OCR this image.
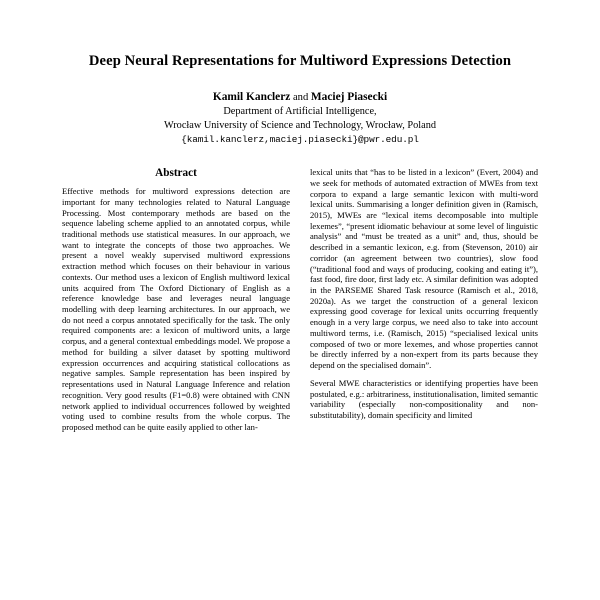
Deep Neural Representations for Multiword Expressions Detection
Kamil Kanclerz and Maciej Piasecki
Department of Artificial Intelligence,
Wrocław University of Science and Technology, Wrocław, Poland
{kamil.kanclerz,maciej.piasecki}@pwr.edu.pl
Abstract

Effective methods for multiword expressions detection are important for many technologies related to Natural Language Processing. Most contemporary methods are based on the sequence labeling scheme applied to an annotated corpus, while traditional methods use statistical measures. In our approach, we want to integrate the concepts of those two approaches. We present a novel weakly supervised multiword expressions extraction method which focuses on their behaviour in various contexts. Our method uses a lexicon of English multiword lexical units acquired from The Oxford Dictionary of English as a reference knowledge base and leverages neural language modelling with deep learning architectures. In our approach, we do not need a corpus annotated specifically for the task. The only required components are: a lexicon of multiword units, a large corpus, and a general contextual embeddings model. We propose a method for building a silver dataset by spotting multiword expression occurrences and acquiring statistical collocations as negative samples. Sample representation has been inspired by representations used in Natural Language Inference and relation recognition. Very good results (F1=0.8) were obtained with CNN network applied to individual occurrences followed by weighted voting used to combine results from the whole corpus. The proposed method can be quite easily applied to other lan-

lexical units that “has to be listed in a lexicon” (Evert, 2004) and we seek for methods of automated extraction of MWEs from text corpora to expand a large semantic lexicon with multi-word lexical units. Summarising a longer definition given in (Ramisch, 2015), MWEs are “lexical items decomposable into multiple lexemes”, “present idiomatic behaviour at some level of linguistic analysis” and “must be treated as a unit” and, thus, should be described in a semantic lexicon, e.g. from (Stevenson, 2010) air corridor (an agreement between two countries), slow food (“traditional food and ways of producing, cooking and eating it”), fast food, fire door, first lady etc. A similar definition was adopted in the PARSEME Shared Task resource (Ramisch et al., 2018, 2020a). As we target the construction of a general lexicon expressing good coverage for lexical units occurring frequently enough in a very large corpus, we need also to take into account multiword terms, i.e. (Ramisch, 2015) “specialised lexical units composed of two or more lexemes, and whose properties cannot be directly inferred by a non-expert from its parts because they depend on the specialised domain”.

Several MWE characteristics or identifying properties have been postulated, e.g.: arbitrariness, institutionalisation, limited semantic variability (especially non-compositionality and non-substitutability), domain specificity and limited
